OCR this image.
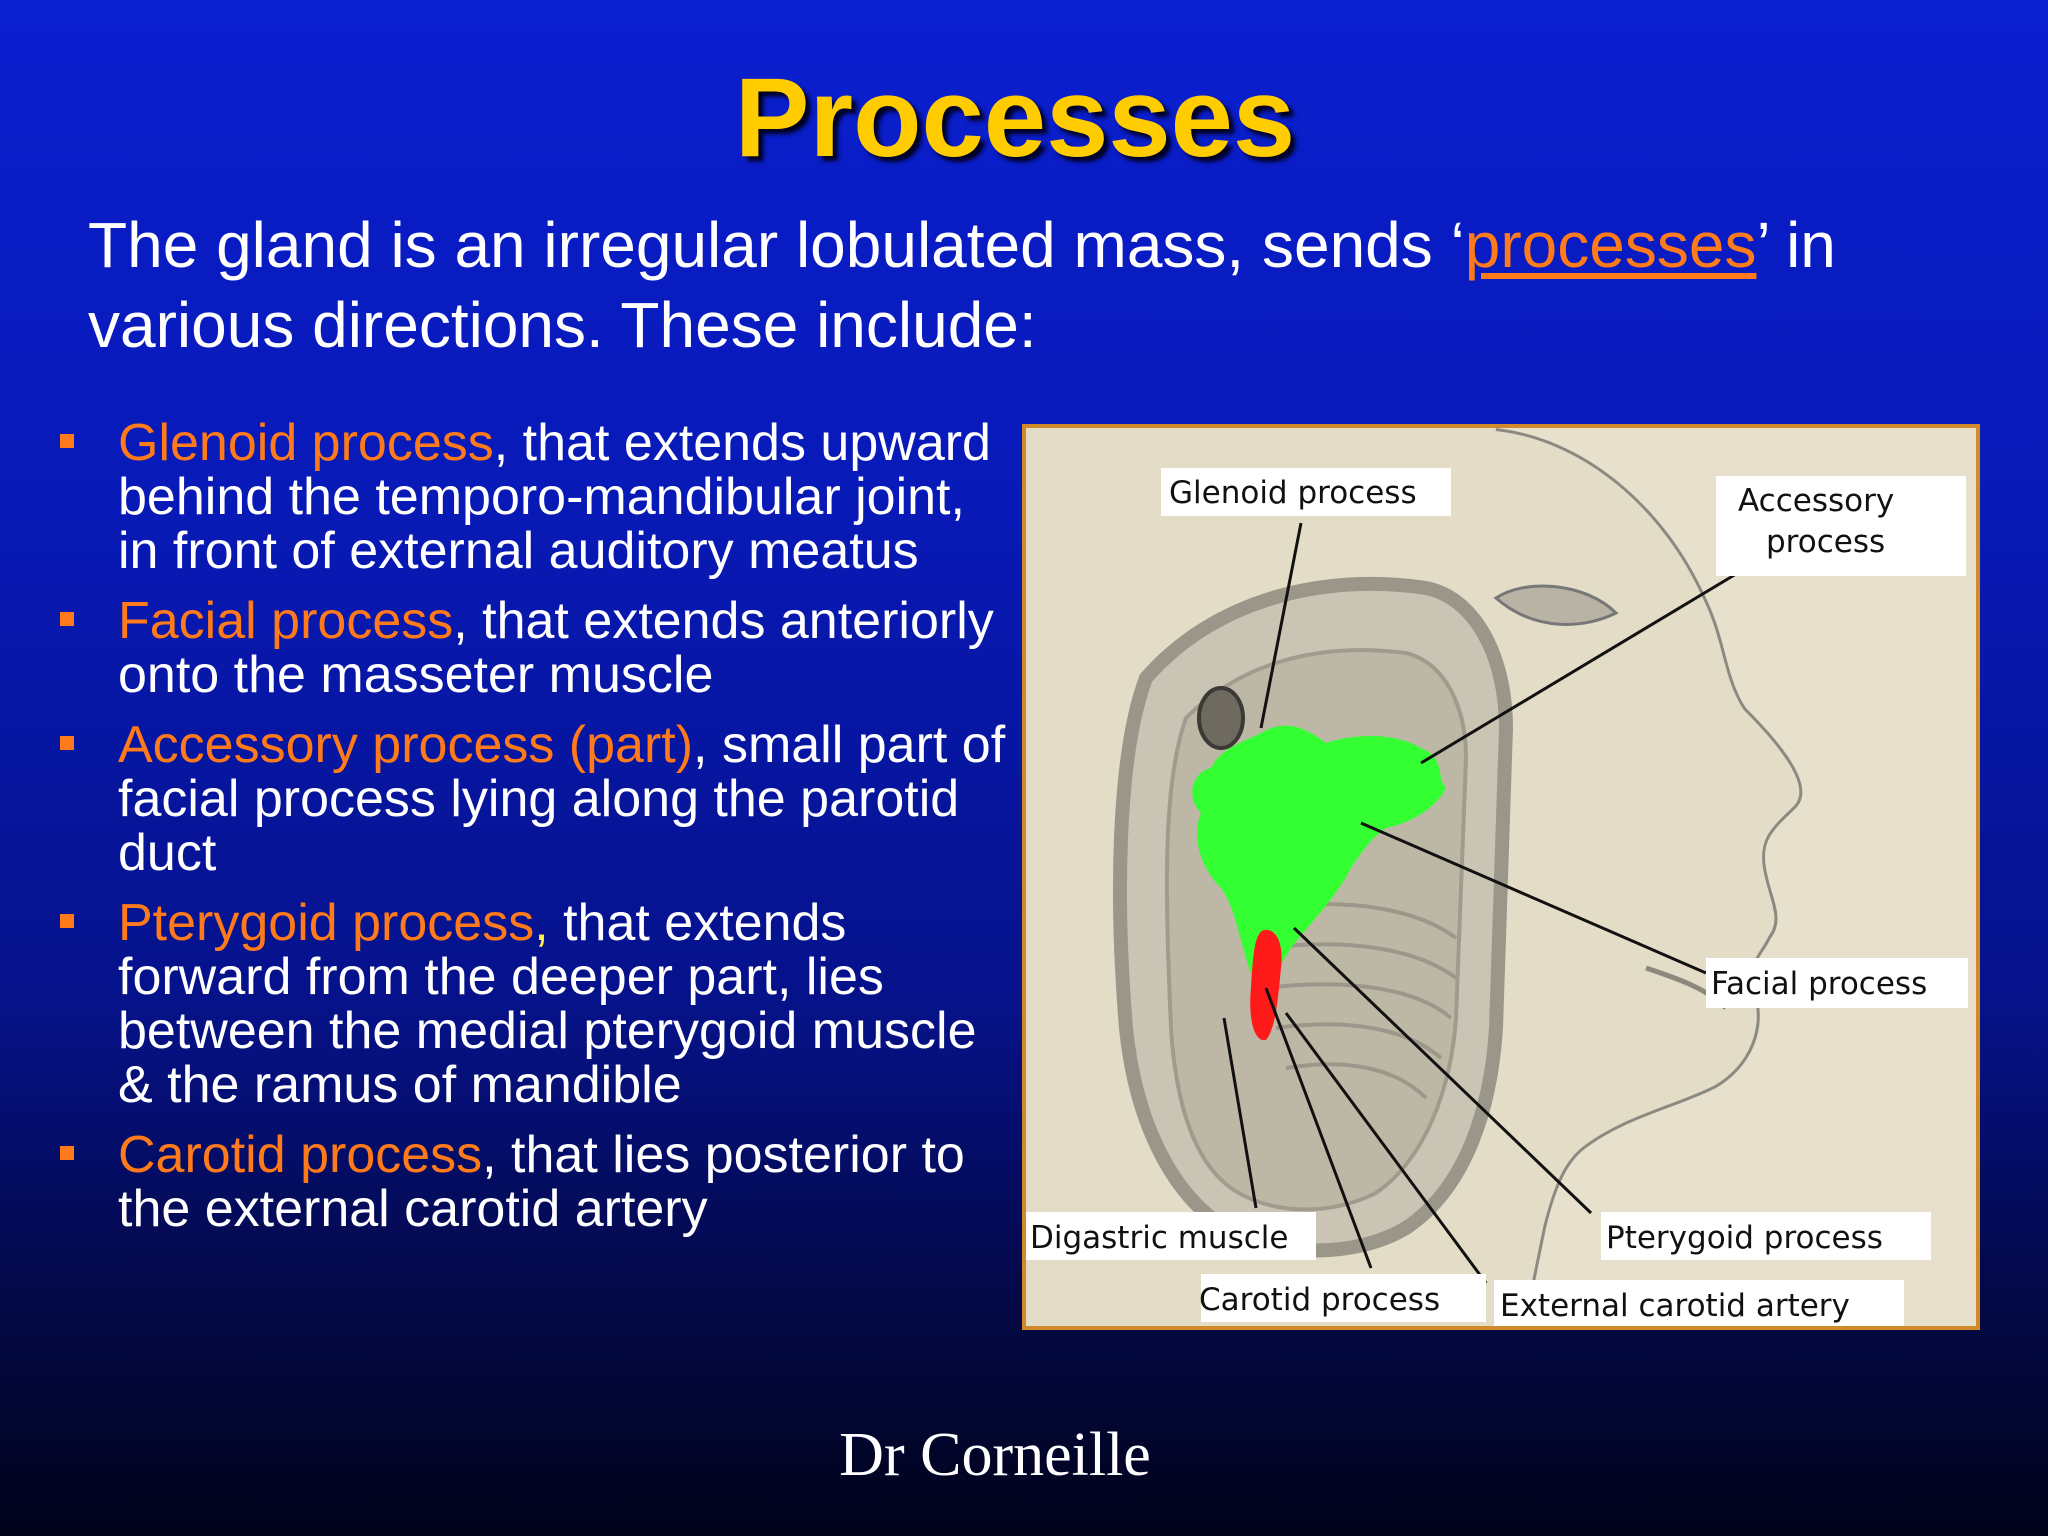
Processes
The gland is an irregular lobulated mass, sends ‘processes’ in various directions. These include:
Glenoid process, that extends upward behind the temporo-mandibular joint, in front of external auditory meatus
Facial process, that extends anteriorly onto the masseter muscle
Accessory process (part), small part of facial process lying along the parotid duct
Pterygoid process, that extends forward from the deeper part, lies between the medial pterygoid muscle & the ramus of mandible
Carotid process, that lies posterior to the external carotid artery
Glenoid process	Accessory
process
Facial process
Digastric muscle	Pterygoid process
Carotid process External carotid artery
Dr Corneille
